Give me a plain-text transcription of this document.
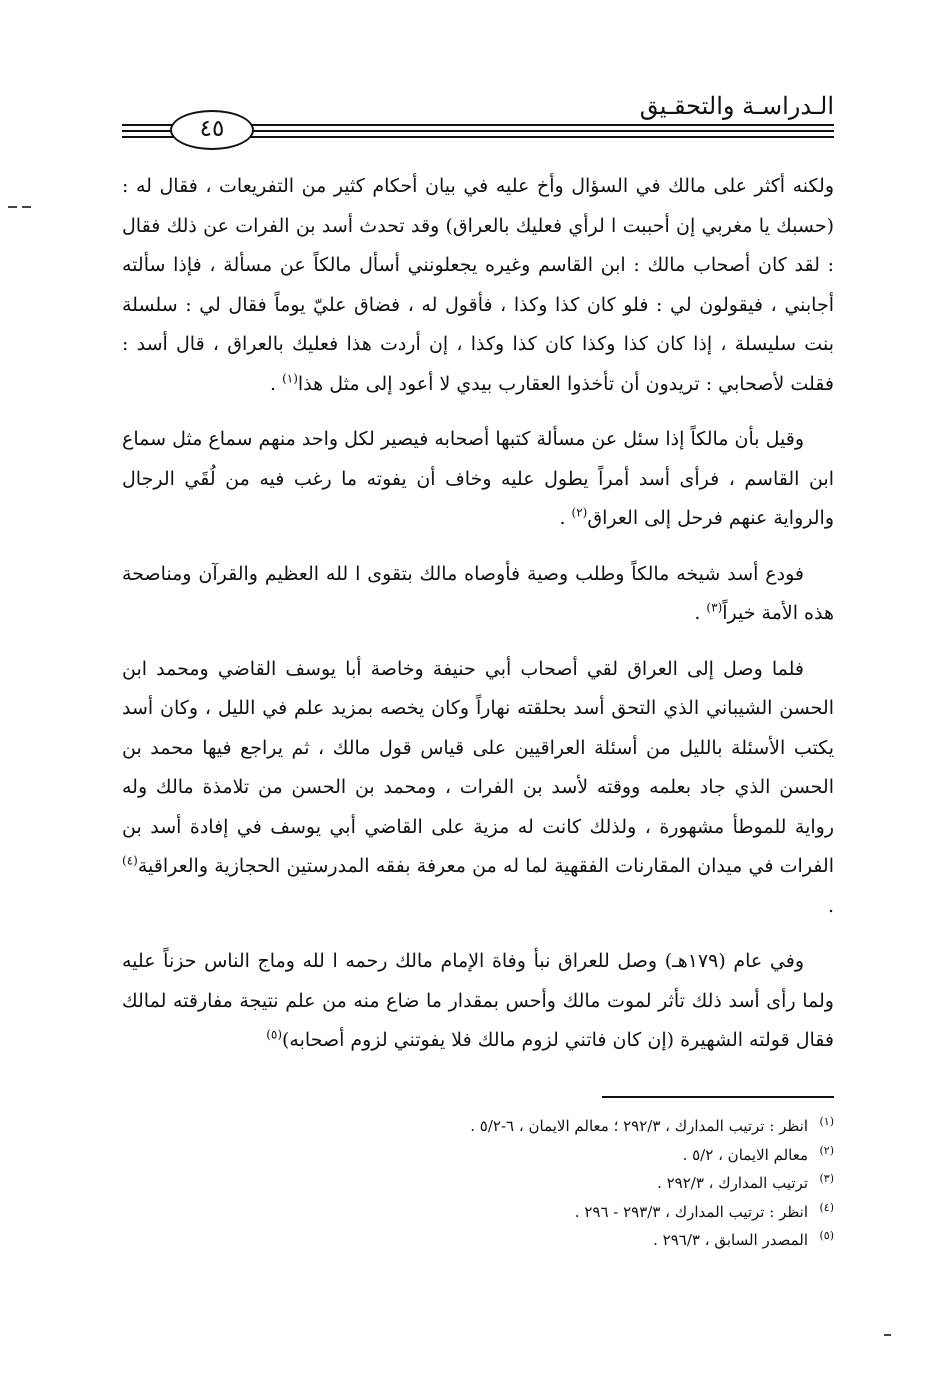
الـدراسـة والتحقـيق
٤٥

ولكنه أكثر على مالك في السؤال وأخ عليه في بيان أحكام كثير من التفريعات ، فقال له : (حسبك يا مغربي إن أحببت ا لرأي فعليك بالعراق) وقد تحدث أسد بن الفرات عن ذلك فقال : لقد كان أصحاب مالك : ابن القاسم وغيره يجعلونني أسأل مالكاً عن مسألة ، فإذا سألته أجابني ، فيقولون لي : فلو كان كذا وكذا ، فأقول له ، فضاق عليّ يوماً فقال لي : سلسلة بنت سليسلة ، إذا كان كذا وكذا كان كذا وكذا ، إن أردت هذا فعليك بالعراق ، قال أسد : فقلت لأصحابي : تريدون أن تأخذوا العقارب بيدي لا أعود إلى مثل هذا$^{(١)}$ .

وقيل بأن مالكاً إذا سئل عن مسألة كتبها أصحابه فيصير لكل واحد منهم سماع مثل سماع ابن القاسم ، فرأى أسد أمراً يطول عليه وخاف أن يفوته ما رغب فيه من لُقَي الرجال والرواية عنهم فرحل إلى العراق$^{(٢)}$ .

فودع أسد شيخه مالكاً وطلب وصية فأوصاه مالك بتقوى ا لله العظيم والقرآن ومناصحة هذه الأمة خيراً$^{(٣)}$ .

فلما وصل إلى العراق لقي أصحاب أبي حنيفة وخاصة أبا يوسف القاضي ومحمد ابن الحسن الشيباني الذي التحق أسد بحلقته نهاراً وكان يخصه بمزيد علم في الليل ، وكان أسد يكتب الأسئلة بالليل من أسئلة العراقيين على قياس قول مالك ، ثم يراجع فيها محمد بن الحسن الذي جاد بعلمه ووقته لأسد بن الفرات ، ومحمد بن الحسن من تلامذة مالك وله رواية للموطأ مشهورة ، ولذلك كانت له مزية على القاضي أبي يوسف في إفادة أسد بن الفرات في ميدان المقارنات الفقهية لما له من معرفة بفقه المدرستين الحجازية والعراقية$^{(٤)}$ .

وفي عام (١٧٩هـ) وصل للعراق نبأ وفاة الإمام مالك رحمه ا لله وماج الناس حزناً عليه ولما رأى أسد ذلك تأثر لموت مالك وأحس بمقدار ما ضاع منه من علم نتيجة مفارقته لمالك فقال قولته الشهيرة (إن كان فاتني لزوم مالك فلا يفوتني لزوم أصحابه)$^{(٥)}$

(١)انظر : ترتيب المدارك ، ٢٩٢/٣ ؛ معالم الايمان ، ٦-٥/٢ .
(٢)معالم الايمان ، ٥/٢ .
(٣)ترتيب المدارك ، ٢٩٢/٣ .
(٤)انظر : ترتيب المدارك ، ٢٩٣/٣ - ٢٩٦ .
(٥)المصدر السابق ، ٢٩٦/٣ .
